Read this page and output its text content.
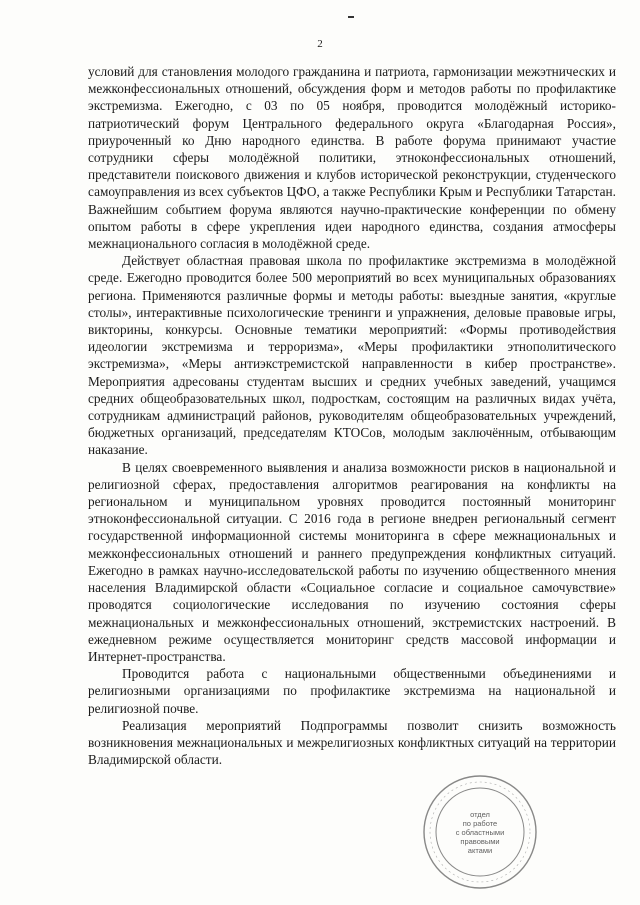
2

условий для становления молодого гражданина и патриота, гармонизации межэтнических и межконфессиональных отношений, обсуждения форм и методов работы по профилактике экстремизма. Ежегодно, с 03 по 05 ноября, проводится молодёжный историко-патриотический форум Центрального федерального округа «Благодарная Россия», приуроченный ко Дню народного единства. В работе форума принимают участие сотрудники сферы молодёжной политики, этноконфессиональных отношений, представители поискового движения и клубов исторической реконструкции, студенческого самоуправления из всех субъектов ЦФО, а также Республики Крым и Республики Татарстан. Важнейшим событием форума являются научно-практические конференции по обмену опытом работы в сфере укрепления идеи народного единства, создания атмосферы межнационального согласия в молодёжной среде.

Действует областная правовая школа по профилактике экстремизма в молодёжной среде. Ежегодно проводится более 500 мероприятий во всех муниципальных образованиях региона. Применяются различные формы и методы работы: выездные занятия, «круглые столы», интерактивные психологические тренинги и упражнения, деловые правовые игры, викторины, конкурсы. Основные тематики мероприятий: «Формы противодействия идеологии экстремизма и терроризма», «Меры профилактики этнополитического экстремизма», «Меры антиэкстремистской направленности в кибер пространстве». Мероприятия адресованы студентам высших и средних учебных заведений, учащимся средних общеобразовательных школ, подросткам, состоящим на различных видах учёта, сотрудникам администраций районов, руководителям общеобразовательных учреждений, бюджетных организаций, председателям КТОСов, молодым заключённым, отбывающим наказание.

В целях своевременного выявления и анализа возможности рисков в национальной и религиозной сферах, предоставления алгоритмов реагирования на конфликты на региональном и муниципальном уровнях проводится постоянный мониторинг этноконфессиональной ситуации. С 2016 года в регионе внедрен региональный сегмент государственной информационной системы мониторинга в сфере межнациональных и межконфессиональных отношений и раннего предупреждения конфликтных ситуаций. Ежегодно в рамках научно-исследовательской работы по изучению общественного мнения населения Владимирской области «Социальное согласие и социальное самочувствие» проводятся социологические исследования по изучению состояния сферы межнациональных и межконфессиональных отношений, экстремистских настроений. В ежедневном режиме осуществляется мониторинг средств массовой информации и Интернет-пространства.

Проводится работа с национальными общественными объединениями и религиозными организациями по профилактике экстремизма на национальной и религиозной почве.

Реализация мероприятий Подпрограммы позволит снизить возможность возникновения межнациональных и межрелигиозных конфликтных ситуаций на территории Владимирской области.

отдел
по работе
с областными
правовыми
актами
